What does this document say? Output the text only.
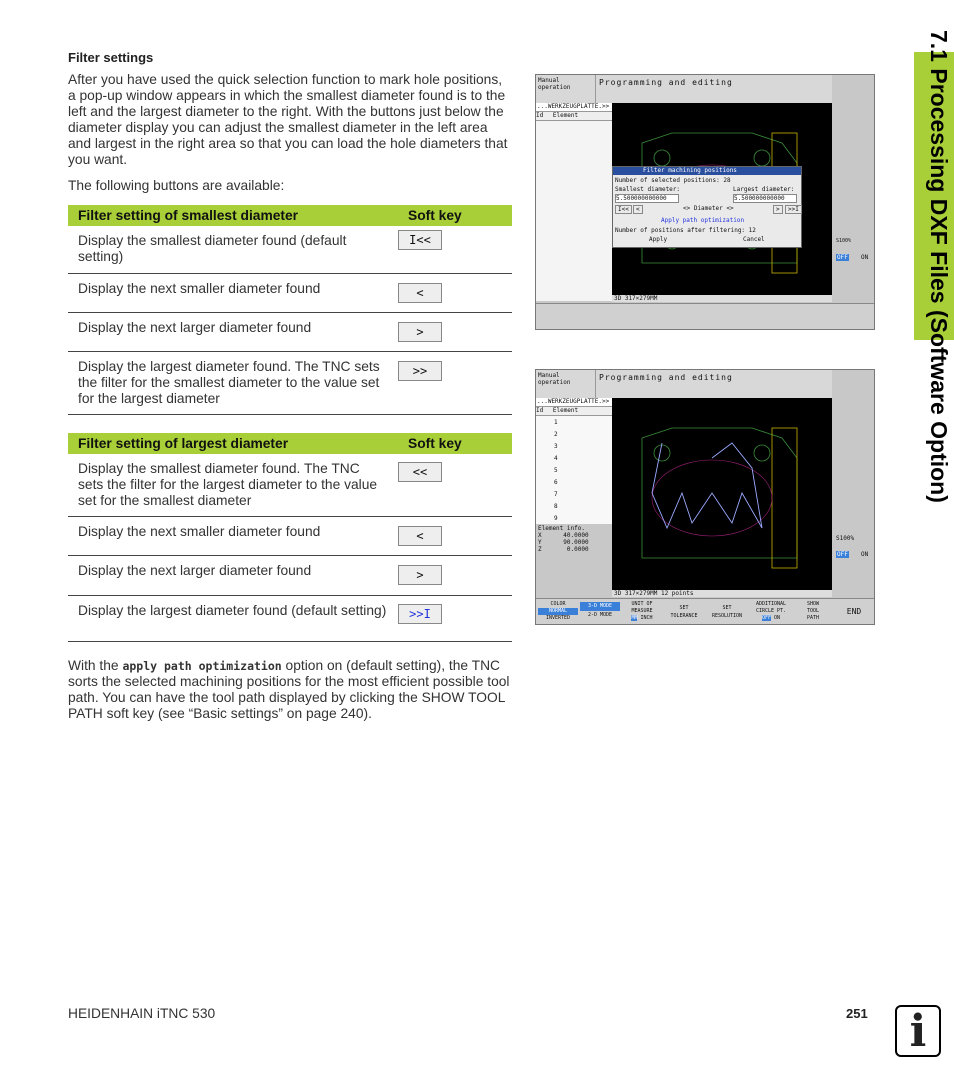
Filter settings
After you have used the quick selection function to mark hole positions, a pop-up window appears in which the smallest diameter found is to the left and the largest diameter to the right. With the buttons just below the diameter display you can adjust the smallest diameter in the left area and largest in the right area so that you can load the hole diameters that you want.
The following buttons are available:
Filter setting of smallest diameter	Soft key
Display the smallest diameter found (default setting)	I<<
Display the next smaller diameter found	<
Display the next larger diameter found	>
Display the largest diameter found. The TNC sets the filter for the smallest diameter to the value set for the largest diameter	>>
Filter setting of largest diameter	Soft key
Display the smallest diameter found. The TNC sets the filter for the largest diameter to the value set for the smallest diameter	<<
Display the next smaller diameter found	<
Display the next larger diameter found	>
Display the largest diameter found (default setting)	>>I
With the apply path optimization option on (default setting), the TNC sorts the selected machining positions for the most efficient possible tool path. You can have the tool path displayed by clicking the SHOW TOOL PATH soft key (see “Basic settings” on page 240).
Manual operation
Programming and editing
...WERKZEUGPLATTE.>>
Id Element
3D 317×279MM
Filter machining positions
Number of selected positions: 28
Smallest diameter:	Largest diameter:
5.500000000000	5.500000000000
I<<	<	<> Diameter <>	>	>>I
Apply path optimization
Number of positions after filtering: 12
Apply	Cancel	S100%
OFF ON
Manual operation
Programming and editing
...WERKZEUGPLATTE.>>
Id Element
1
2
3
4
5
6
7
8
9
Element info.
X      40.0000
Y      90.0000
Z       0.0000
3D 317×279MM 12 points
S100%
OFF ON
COLOR
NORMAL
INVERTED
3-D MODE
2-D MODE
UNIT OF
MEASURE
MM INCH
SET
TOLERANCE
SET
RESOLUTION
ADDITIONAL
CIRCLE PT.
OFF ON
SHOW
TOOL
PATH
END
7.1 Processing DXF Files (Software Option)
HEIDENHAIN iTNC 530	251 i
